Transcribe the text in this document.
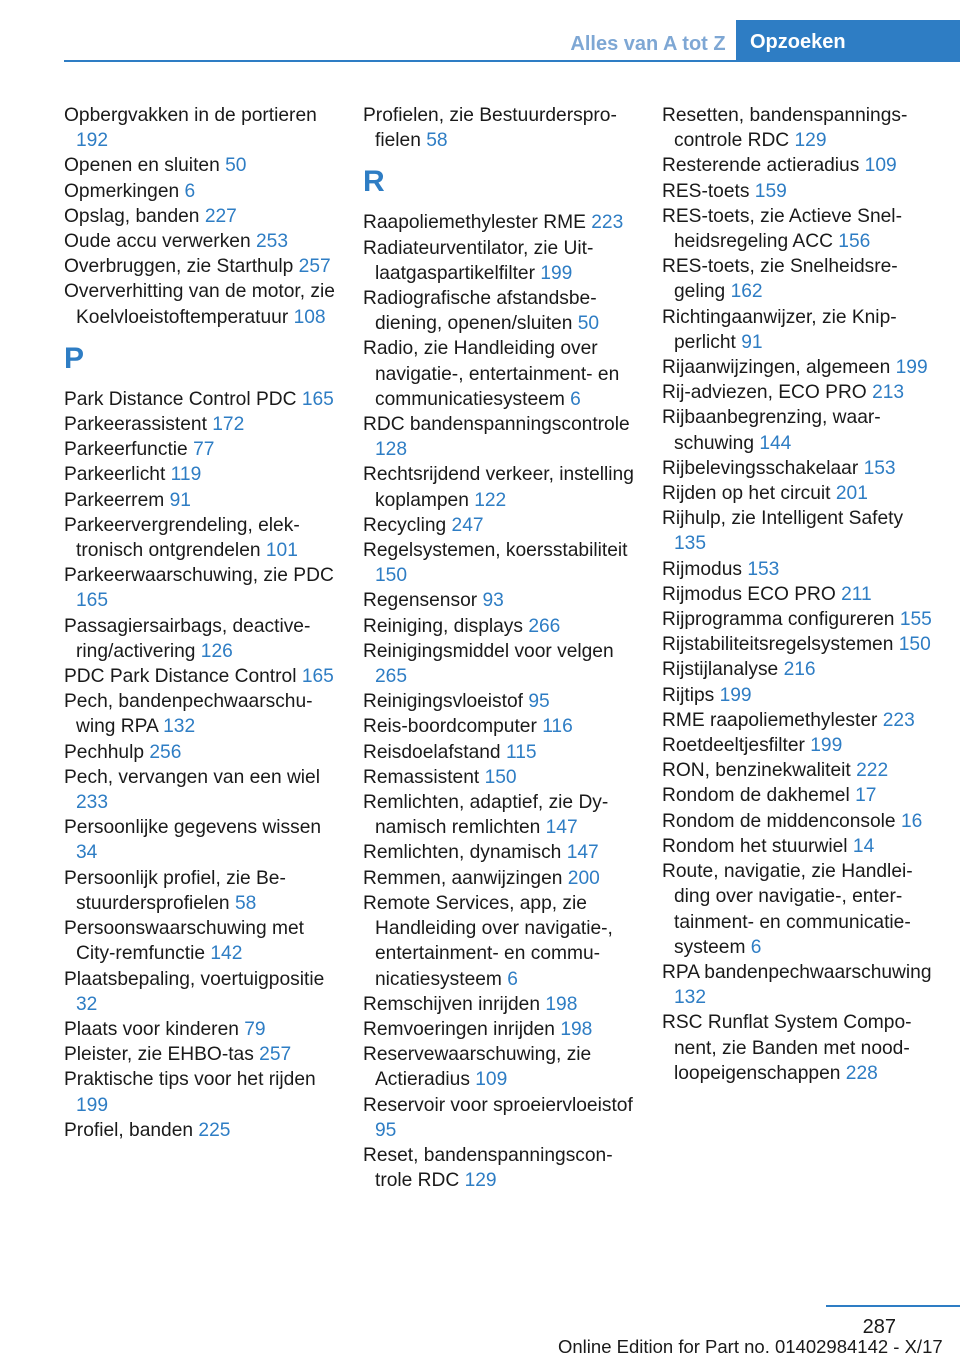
Alles van A tot Z	Opzoeken
Opbergvakken in de portieren 192
Openen en sluiten 50
Opmerkingen 6
Opslag, banden 227
Oude accu verwerken 253
Overbruggen, zie Starthulp 257
Oververhitting van de motor, zie Koelvloeistoftemperatuur 108
P
Park Distance Control PDC 165
Parkeerassistent 172
Parkeerfunctie 77
Parkeerlicht 119
Parkeerrem 91
Parkeervergrendeling, elektronisch ontgrendelen 101
Parkeerwaarschuwing, zie PDC 165
Passagiersairbags, deactivering/activering 126
PDC Park Distance Control 165
Pech, bandenpechwaarschuwing RPA 132
Pechhulp 256
Pech, vervangen van een wiel 233
Persoonlijke gegevens wissen 34
Persoonlijk profiel, zie Bestuurdersprofielen 58
Persoonswaarschuwing met City-remfunctie 142
Plaatsbepaling, voertuigpositie 32
Plaats voor kinderen 79
Pleister, zie EHBO-tas 257
Praktische tips voor het rijden 199
Profiel, banden 225
Profielen, zie Bestuurdersprofielen 58
R
Raapoliemethylester RME 223
Radiateurventilator, zie Uitlaatgaspartikelfilter 199
Radiografische afstandsbediening, openen/sluiten 50
Radio, zie Handleiding over navigatie-, entertainment- en communicatiesysteem 6
RDC bandenspanningscontrole 128
Rechtsrijdend verkeer, instelling koplampen 122
Recycling 247
Regelsystemen, koersstabiliteit 150
Regensensor 93
Reiniging, displays 266
Reinigingsmiddel voor velgen 265
Reinigingsvloeistof 95
Reis-boordcomputer 116
Reisdoelafstand 115
Remassistent 150
Remlichten, adaptief, zie Dynamisch remlichten 147
Remlichten, dynamisch 147
Remmen, aanwijzingen 200
Remote Services, app, zie Handleiding over navigatie-, entertainment- en communicatiesysteem 6
Remschijven inrijden 198
Remvoeringen inrijden 198
Reservewaarschuwing, zie Actieradius 109
Reservoir voor sproeiervloeistof 95
Reset, bandenspanningscontrole RDC 129
Resetten, bandenspanningscontrole RDC 129
Resterende actieradius 109
RES-toets 159
RES-toets, zie Actieve Snelheidsregeling ACC 156
RES-toets, zie Snelheidsregeling 162
Richtingaanwijzer, zie Knipperlicht 91
Rijaanwijzingen, algemeen 199
Rij-adviezen, ECO PRO 213
Rijbaanbegrenzing, waarschuwing 144
Rijbelevingsschakelaar 153
Rijden op het circuit 201
Rijhulp, zie Intelligent Safety 135
Rijmodus 153
Rijmodus ECO PRO 211
Rijprogramma configureren 155
Rijstabiliteitsregelsystemen 150
Rijstijlanalyse 216
Rijtips 199
RME raapoliemethylester 223
Roetdeeltjesfilter 199
RON, benzinekwaliteit 222
Rondom de dakhemel 17
Rondom de middenconsole 16
Rondom het stuurwiel 14
Route, navigatie, zie Handleiding over navigatie-, entertainment- en communicatiesysteem 6
RPA bandenpechwaarschuwing 132
RSC Runflat System Component, zie Banden met noodloopeigenschappen 228
287
Online Edition for Part no. 01402984142 - X/17
